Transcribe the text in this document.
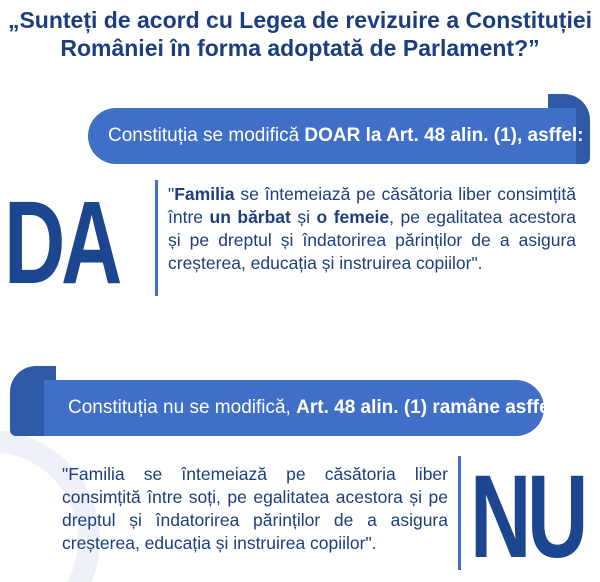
„Sunteți de acord cu Legea de revizuire a Constituției
României în forma adoptată de Parlament?”
Constituția se modifică DOAR la Art. 48 alin. (1), asffel:
DA	"Familia se întemeiază pe căsătoria liber consimțită între un bărbat și o femeie, pe egalitatea acestora și pe dreptul și îndatorirea părinților de a asigura creșterea, educația și instruirea copiilor".
Constituția nu se modifică, Art. 48 alin. (1) ramâne asffel:
"Familia se întemeiază pe căsătoria liber consimțită între soți, pe egalitatea acestora și pe dreptul și îndatorirea părinților de a asigura creșterea, educația și instruirea copiilor". NU
